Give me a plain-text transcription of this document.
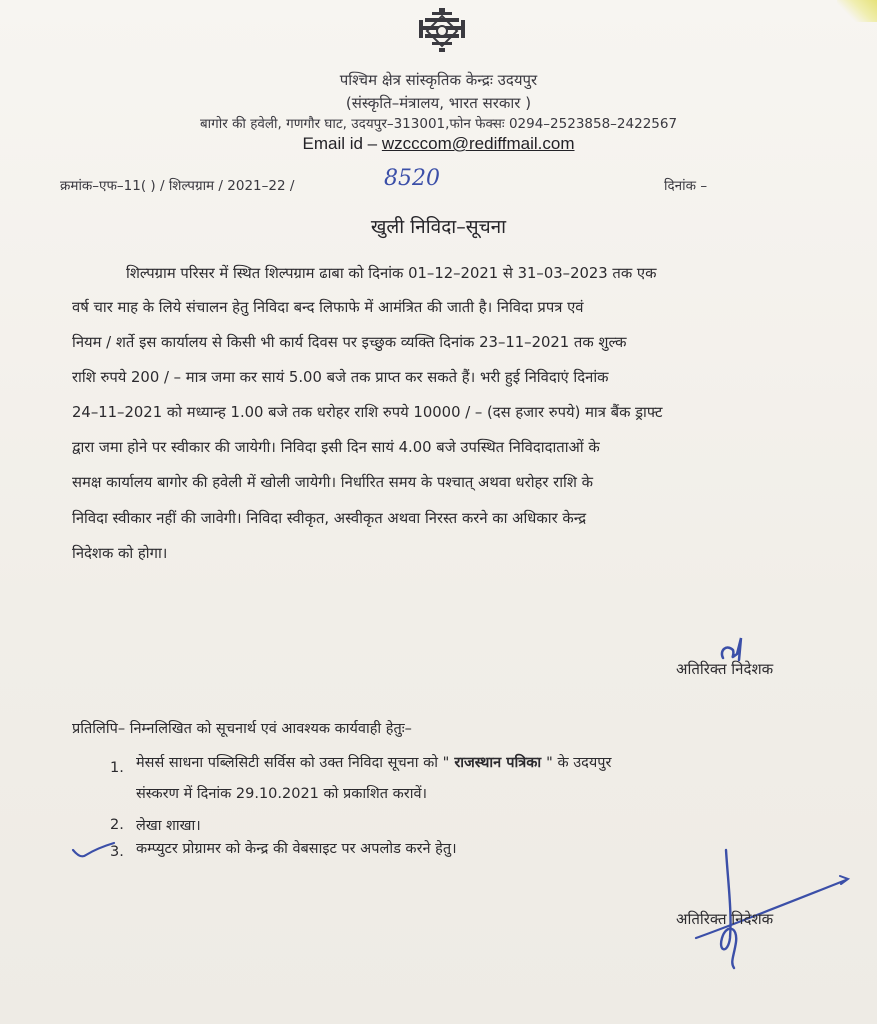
पश्चिम क्षेत्र सांस्कृतिक केन्द्रः उदयपुर
(संस्कृति–मंत्रालय, भारत सरकार )
बागोर की हवेली, गणगौर घाट, उदयपुर–313001,फोन फेक्सः 0294–2523858–2422567
Email id – wzcccom@rediffmail.com
क्रमांक–एफ–11( ) / शिल्पग्राम / 2021–22 /	8520	दिनांक –
खुली निविदा–सूचना
शिल्पग्राम परिसर में स्थित शिल्पग्राम ढाबा को दिनांक 01–12–2021 से 31–03–2023 तक एक
वर्ष चार माह के लिये संचालन हेतु निविदा बन्द लिफाफे में आमंत्रित की जाती है। निविदा प्रपत्र एवं
नियम / शर्ते इस कार्यालय से किसी भी कार्य दिवस पर इच्छुक व्यक्ति दिनांक 23–11–2021 तक शुल्क
राशि रुपये 200 / – मात्र जमा कर सायं 5.00 बजे तक प्राप्त कर सकते हैं। भरी हुई निविदाएं दिनांक
24–11–2021 को मध्यान्ह 1.00 बजे तक धरोहर राशि रुपये 10000 / – (दस हजार रुपये) मात्र बैंक ड्राफ्ट
द्वारा जमा होने पर स्वीकार की जायेगी। निविदा इसी दिन सायं 4.00 बजे उपस्थित निविदादाताओं के
समक्ष कार्यालय बागोर की हवेली में खोली जायेगी। निर्धारित समय के पश्चात् अथवा धरोहर राशि के
निविदा स्वीकार नहीं की जावेगी। निविदा स्वीकृत, अस्वीकृत अथवा निरस्त करने का अधिकार केन्द्र
निदेशक को होगा।
अतिरिक्त निदेशक
प्रतिलिपि– निम्नलिखित को सूचनार्थ एवं आवश्यक कार्यवाही हेतुः–
1. मेसर्स साधना पब्लिसिटी सर्विस को उक्त निविदा सूचना को " राजस्थान पत्रिका " के उदयपुर
संस्करण में दिनांक 29.10.2021 को प्रकाशित करावें।
2. लेखा शाखा।
3. कम्प्युटर प्रोग्रामर को केन्द्र की वेबसाइट पर अपलोड करने हेतु।
अतिरिक्त निदेशक
